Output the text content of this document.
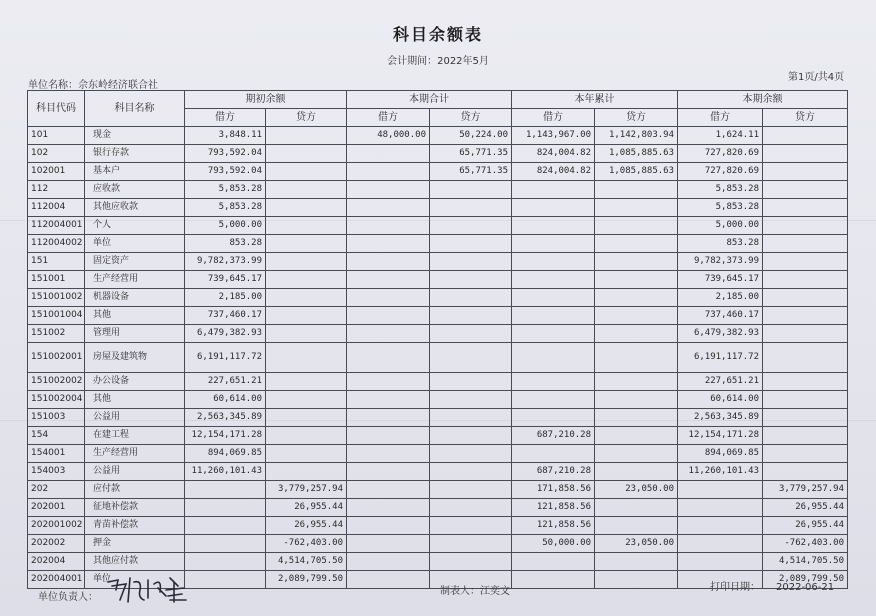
科目余额表
会计期间：2022年5月
单位名称：佘东岭经济联合社
第1页/共4页
科目代码	科目名称	期初余额		本期合计		本年累计		本期余额	
		借方	贷方	借方	贷方	借方	贷方	借方	贷方
101	现金	3,848.11		48,000.00	50,224.00	1,143,967.00	1,142,803.94	1,624.11	
102	银行存款	793,592.04			65,771.35	824,004.82	1,085,885.63	727,820.69	
102001	基本户	793,592.04			65,771.35	824,004.82	1,085,885.63	727,820.69	
112	应收款	5,853.28						5,853.28	
112004	其他应收款	5,853.28						5,853.28	
112004001	个人	5,000.00						5,000.00	
112004002	单位	853.28						853.28	
151	固定资产	9,782,373.99						9,782,373.99	
151001	生产经营用	739,645.17						739,645.17	
151001002	机器设备	2,185.00						2,185.00	
151001004	其他	737,460.17						737,460.17	
151002	管理用	6,479,382.93						6,479,382.93	
151002001	房屋及建筑物	6,191,117.72						6,191,117.72	
151002002	办公设备	227,651.21						227,651.21	
151002004	其他	60,614.00						60,614.00	
151003	公益用	2,563,345.89						2,563,345.89	
154	在建工程	12,154,171.28				687,210.28		12,154,171.28	
154001	生产经营用	894,069.85						894,069.85	
154003	公益用	11,260,101.43				687,210.28		11,260,101.43	
202	应付款		3,779,257.94			171,858.56	23,050.00		3,779,257.94
202001	征地补偿款		26,955.44			121,858.56			26,955.44
202001002	青苗补偿款		26,955.44			121,858.56			26,955.44
202002	押金		-762,403.00			50,000.00	23,050.00		-762,403.00
202004	其他应付款		4,514,705.50						4,514,705.50
202004001	单位		2,089,799.50						2,089,799.50
单位负责人：
制表人：江奕文	打印日期： 2022-06-21
